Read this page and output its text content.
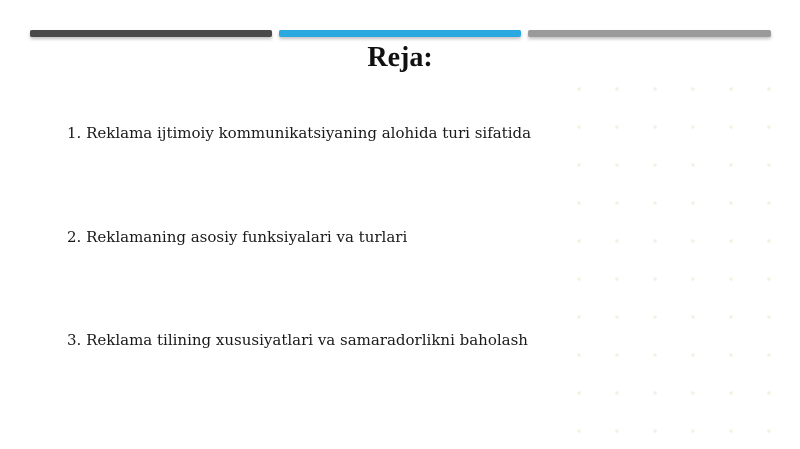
Reja:
1. Reklama ijtimoiy kommunikatsiyaning alohida turi sifatida
2. Reklamaning asosiy funksiyalari va turlari
3. Reklama tilining xususiyatlari va samaradorlikni baholash
